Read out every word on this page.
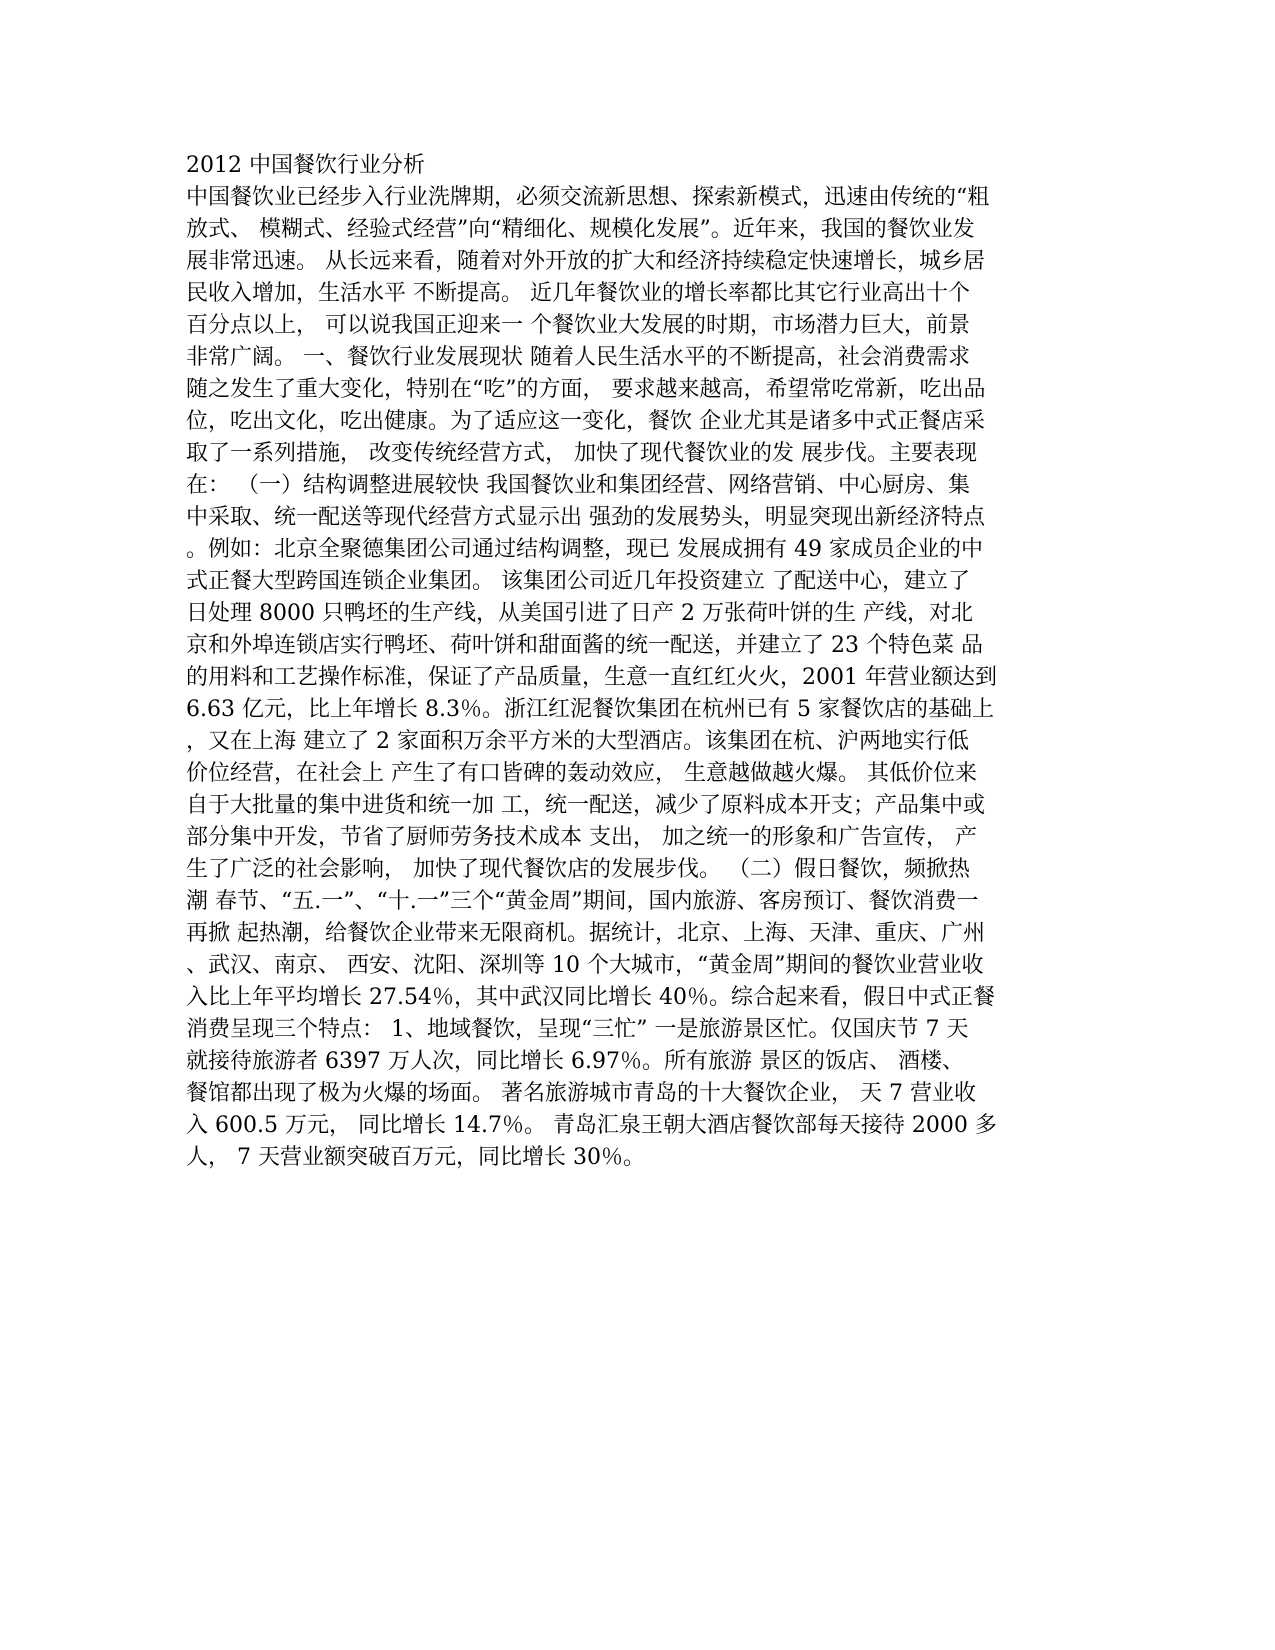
2012 中国餐饮行业分析
中国餐饮业已经步入行业洗牌期，必须交流新思想、探索新模式，迅速由传统的“粗
放式、 模糊式、经验式经营”向“精细化、规模化发展”。近年来，我国的餐饮业发
展非常迅速。 从长远来看，随着对外开放的扩大和经济持续稳定快速增长，城乡居
民收入增加，生活水平 不断提高。 近几年餐饮业的增长率都比其它行业高出十个
百分点以上， 可以说我国正迎来一 个餐饮业大发展的时期，市场潜力巨大，前景
非常广阔。 一、餐饮行业发展现状 随着人民生活水平的不断提高，社会消费需求
随之发生了重大变化，特别在“吃”的方面， 要求越来越高，希望常吃常新，吃出品
位，吃出文化，吃出健康。为了适应这一变化，餐饮 企业尤其是诸多中式正餐店采
取了一系列措施， 改变传统经营方式， 加快了现代餐饮业的发 展步伐。主要表现
在： （一）结构调整进展较快 我国餐饮业和集团经营、网络营销、中心厨房、集
中采取、统一配送等现代经营方式显示出 强劲的发展势头，明显突现出新经济特点
。例如：北京全聚德集团公司通过结构调整，现已 发展成拥有 49 家成员企业的中
式正餐大型跨国连锁企业集团。 该集团公司近几年投资建立 了配送中心，建立了
日处理 8000 只鸭坯的生产线，从美国引进了日产 2 万张荷叶饼的生 产线，对北
京和外埠连锁店实行鸭坯、荷叶饼和甜面酱的统一配送，并建立了 23 个特色菜 品
的用料和工艺操作标准，保证了产品质量，生意一直红红火火，2001 年营业额达到
6.63 亿元，比上年增长 8.3％。浙江红泥餐饮集团在杭州已有 5 家餐饮店的基础上
，又在上海 建立了 2 家面积万余平方米的大型酒店。该集团在杭、沪两地实行低
价位经营，在社会上 产生了有口皆碑的轰动效应， 生意越做越火爆。 其低价位来
自于大批量的集中进货和统一加 工，统一配送，减少了原料成本开支；产品集中或
部分集中开发，节省了厨师劳务技术成本 支出， 加之统一的形象和广告宣传， 产
生了广泛的社会影响， 加快了现代餐饮店的发展步伐。 （二）假日餐饮，频掀热
潮 春节、“五.一”、“十.一”三个“黄金周”期间，国内旅游、客房预订、餐饮消费一
再掀 起热潮，给餐饮企业带来无限商机。据统计，北京、上海、天津、重庆、广州
、武汉、南京、 西安、沈阳、深圳等 10 个大城市，“黄金周”期间的餐饮业营业收
入比上年平均增长 27.54％，其中武汉同比增长 40％。综合起来看，假日中式正餐
消费呈现三个特点： 1、地域餐饮，呈现“三忙” 一是旅游景区忙。仅国庆节 7 天
就接待旅游者 6397 万人次，同比增长 6.97％。所有旅游 景区的饭店、 酒楼、
餐馆都出现了极为火爆的场面。 著名旅游城市青岛的十大餐饮企业， 天 7 营业收
入 600.5 万元， 同比增长 14.7％。 青岛汇泉王朝大酒店餐饮部每天接待 2000 多
人， 7 天营业额突破百万元，同比增长 30％。
